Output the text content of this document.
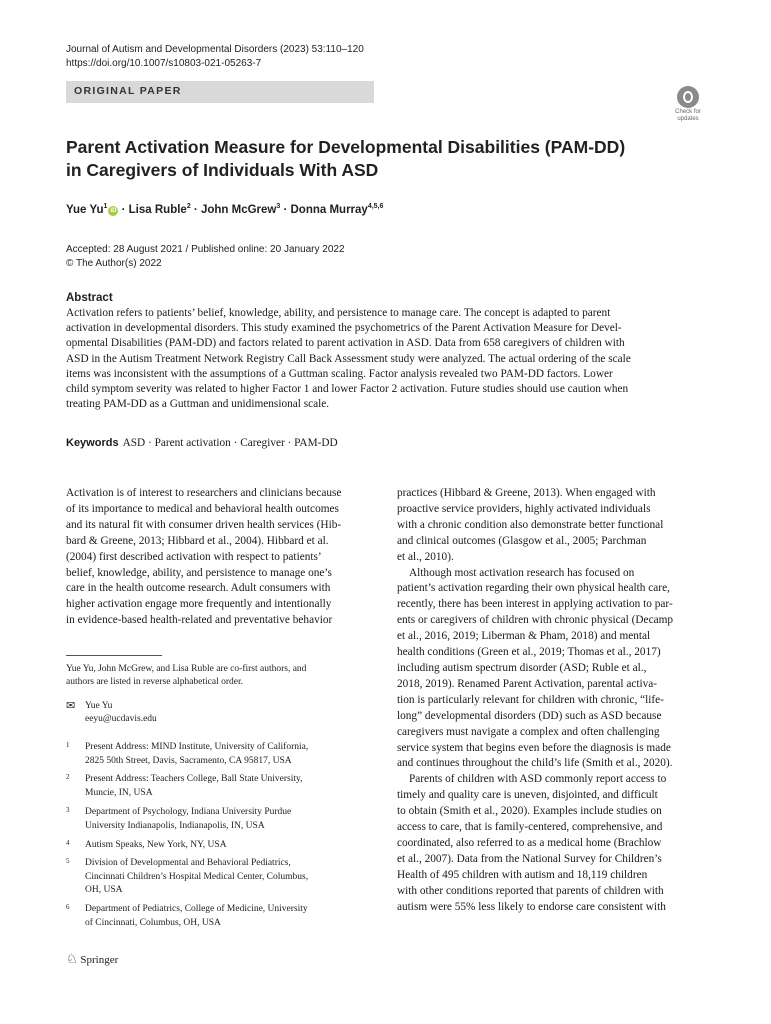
Journal of Autism and Developmental Disorders (2023) 53:110–120
https://doi.org/10.1007/s10803-021-05263-7
ORIGINAL PAPER
Check for updates
Parent Activation Measure for Developmental Disabilities (PAM-DD)
in Caregivers of Individuals With ASD
Yue $Yu^1iD$ · Lisa Ruble$^2$ · John McGrew$^3$ · Donna Murray$^{4,5,6}$
Accepted: 28 August 2021 / Published online: 20 January 2022
© The Author(s) 2022
Abstract
Activation refers to patients’ belief, knowledge, ability, and persistence to manage care. The concept is adapted to parent
activation in developmental disorders. This study examined the psychometrics of the Parent Activation Measure for Devel-
opmental Disabilities (PAM-DD) and factors related to parent activation in ASD. Data from 658 caregivers of children with
ASD in the Autism Treatment Network Registry Call Back Assessment study were analyzed. The actual ordering of the scale
items was inconsistent with the assumptions of a Guttman scaling. Factor analysis revealed two PAM-DD factors. Lower
child symptom severity was related to higher Factor 1 and lower Factor 2 activation. Future studies should use caution when
treating PAM-DD as a Guttman and unidimensional scale.
Keywords ASD · Parent activation · Caregiver · PAM-DD
Activation is of interest to researchers and clinicians because
of its importance to medical and behavioral health outcomes
and its natural fit with consumer driven health services (Hib-
bard & Greene, 2013; Hibbard et al., 2004). Hibbard et al.
(2004) first described activation with respect to patients’
belief, knowledge, ability, and persistence to manage one’s
care in the health outcome research. Adult consumers with
higher activation engage more frequently and intentionally
in evidence-based health-related and preventative behavior
Yue Yu, John McGrew, and Lisa Ruble are co-first authors, and
authors are listed in reverse alphabetical order.
✉ Yue Yu
eeyu@ucdavis.edu
1 Present Address: MIND Institute, University of California,
2825 50th Street, Davis, Sacramento, CA 95817, USA
2 Present Address: Teachers College, Ball State University,
Muncie, IN, USA
3 Department of Psychology, Indiana University Purdue
University Indianapolis, Indianapolis, IN, USA
4 Autism Speaks, New York, NY, USA
5 Division of Developmental and Behavioral Pediatrics,
Cincinnati Children’s Hospital Medical Center, Columbus,
OH, USA
6 Department of Pediatrics, College of Medicine, University
of Cincinnati, Columbus, OH, USA
practices (Hibbard & Greene, 2013). When engaged with
proactive service providers, highly activated individuals
with a chronic condition also demonstrate better functional
and clinical outcomes (Glasgow et al., 2005; Parchman
et al., 2010).
Although most activation research has focused on
patient’s activation regarding their own physical health care,
recently, there has been interest in applying activation to par-
ents or caregivers of children with chronic physical (Decamp
et al., 2016, 2019; Liberman & Pham, 2018) and mental
health conditions (Green et al., 2019; Thomas et al., 2017)
including autism spectrum disorder (ASD; Ruble et al.,
2018, 2019). Renamed Parent Activation, parental activa-
tion is particularly relevant for children with chronic, “life-
long” developmental disorders (DD) such as ASD because
caregivers must navigate a complex and often challenging
service system that begins even before the diagnosis is made
and continues throughout the child’s life (Smith et al., 2020).
Parents of children with ASD commonly report access to
timely and quality care is uneven, disjointed, and difficult
to obtain (Smith et al., 2020). Examples include studies on
access to care, that is family-centered, comprehensive, and
coordinated, also referred to as a medical home (Brachlow
et al., 2007). Data from the National Survey for Children’s
Health of 495 children with autism and 18,119 children
with other conditions reported that parents of children with
autism were 55% less likely to endorse care consistent with
♘ Springer
